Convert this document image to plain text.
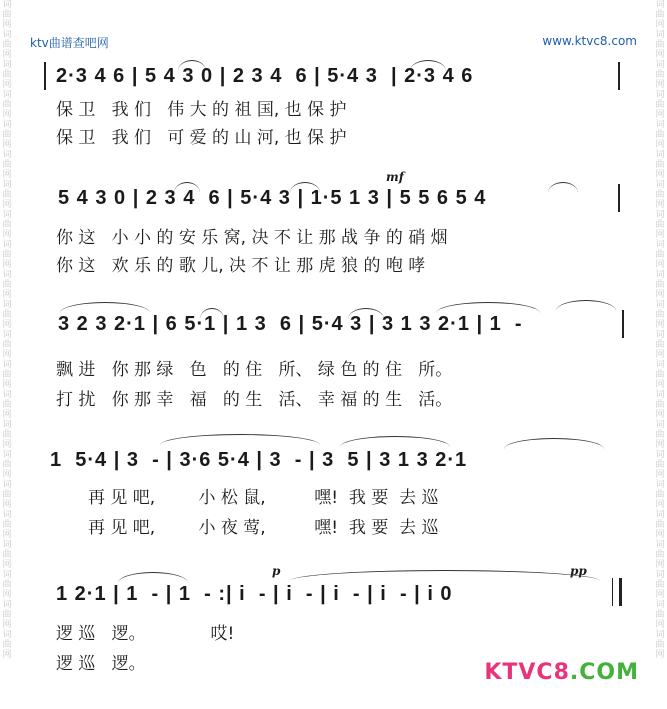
词曲网词曲网词曲网词曲网词曲网词曲网词曲网词曲网词曲网词曲网词曲网词曲网词曲网词曲网词曲网词曲网词曲网词曲网词曲网词曲网词曲网词曲网
词曲网词曲网词曲网词曲网词曲网词曲网词曲网词曲网词曲网词曲网词曲网词曲网词曲网词曲网词曲网词曲网词曲网词曲网词曲网词曲网词曲网词曲网
ktv曲谱查吧网	www.ktvc8.com
2·3 4 6 | 5 4 3 0 | 2 3 4  6 | 5·4 3  | 2·3 4 6
保 卫   我 们   伟 大 的 祖 国, 也 保 护
保 卫   我 们   可 爱 的 山 河, 也 保 护
mf
5 4 3 0 | 2 3 4  6 | 5·4 3 | 1·5 1 3 | 5 5 6 5 4
你 这   小 小 的 安 乐 窝, 决 不 让 那 战 争 的 硝 烟
你 这   欢 乐 的 歌 儿, 决 不 让 那 虎 狼 的 咆 哮
3 2 3 2·1 | 6 5·1 | 1 3  6 | 5·4 3 | 3 1 3 2·1 | 1  -
飘 进   你 那 绿   色   的 住   所、 绿 色 的 住   所。
打 扰   你 那 幸   福   的 生   活、 幸 福 的 生   活。
1  5·4 | 3  - | 3·6 5·4 | 3  - | 3  5 | 3 1 3 2·1
再 见 吧,        小 松 鼠,         嘿!  我 要  去 巡
再 见 吧,        小 夜 莺,         嘿!  我 要  去 巡
p	pp
1 2·1 | 1  - | 1  - :| i  - | i  - | i  - | i  - | i 0
逻 巡   逻。            哎!
逻 巡   逻。	KTVC8.COM
